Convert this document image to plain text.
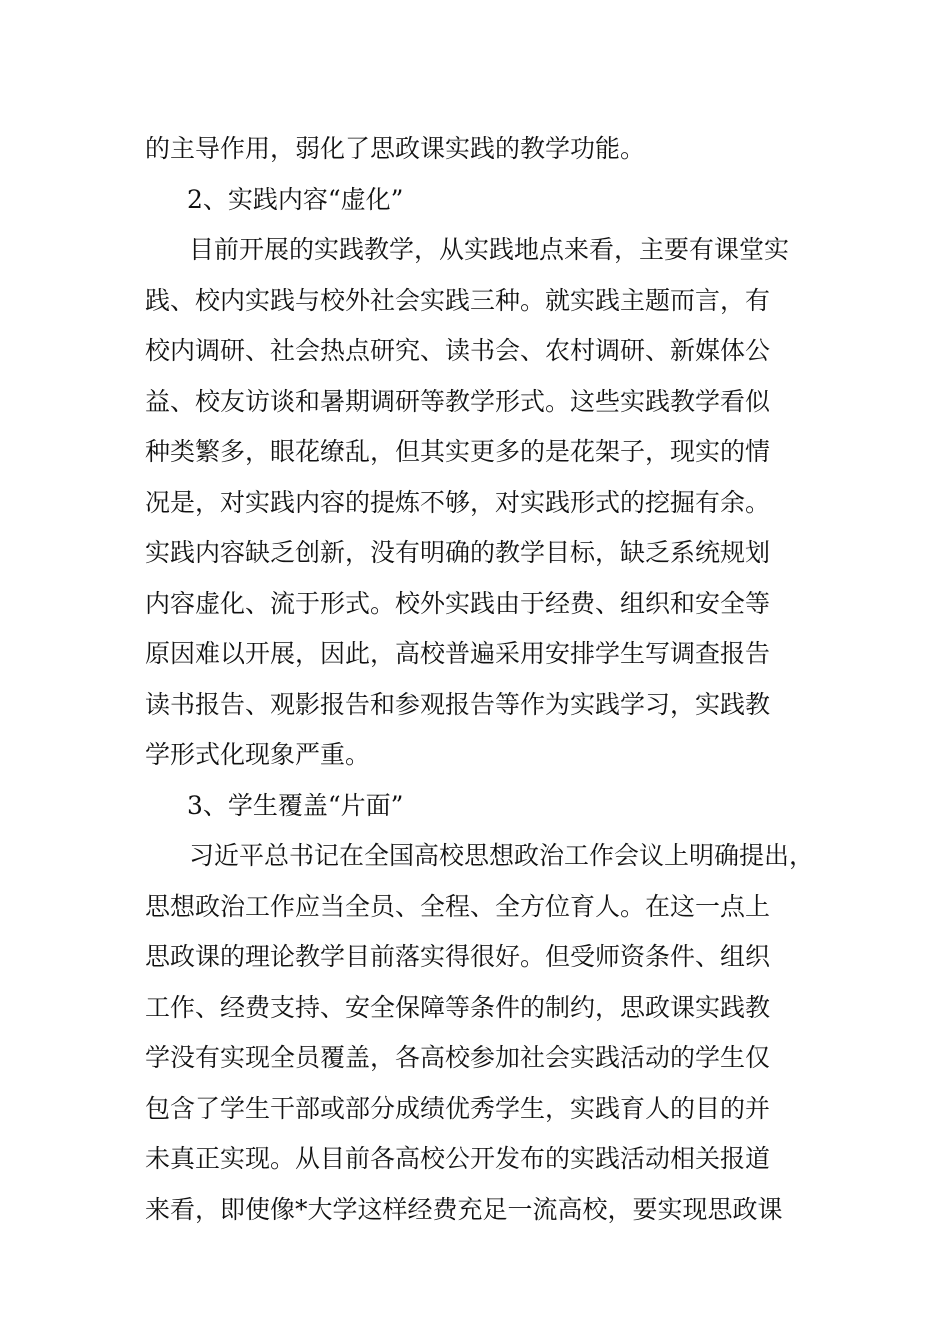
的主导作用，弱化了思政课实践的教学功能。
2、实践内容“虚化”
目前开展的实践教学，从实践地点来看，主要有课堂实
践、校内实践与校外社会实践三种。就实践主题而言，有
校内调研、社会热点研究、读书会、农村调研、新媒体公
益、校友访谈和暑期调研等教学形式。这些实践教学看似
种类繁多，眼花缭乱，但其实更多的是花架子，现实的情
况是，对实践内容的提炼不够，对实践形式的挖掘有余。
实践内容缺乏创新，没有明确的教学目标，缺乏系统规划
内容虚化、流于形式。校外实践由于经费、组织和安全等
原因难以开展，因此，高校普遍采用安排学生写调查报告
读书报告、观影报告和参观报告等作为实践学习，实践教
学形式化现象严重。
3、学生覆盖“片面”
习近平总书记在全国高校思想政治工作会议上明确提出，
思想政治工作应当全员、全程、全方位育人。在这一点上
思政课的理论教学目前落实得很好。但受师资条件、组织
工作、经费支持、安全保障等条件的制约，思政课实践教
学没有实现全员覆盖，各高校参加社会实践活动的学生仅
包含了学生干部或部分成绩优秀学生，实践育人的目的并
未真正实现。从目前各高校公开发布的实践活动相关报道
来看，即使像*大学这样经费充足一流高校，要实现思政课
